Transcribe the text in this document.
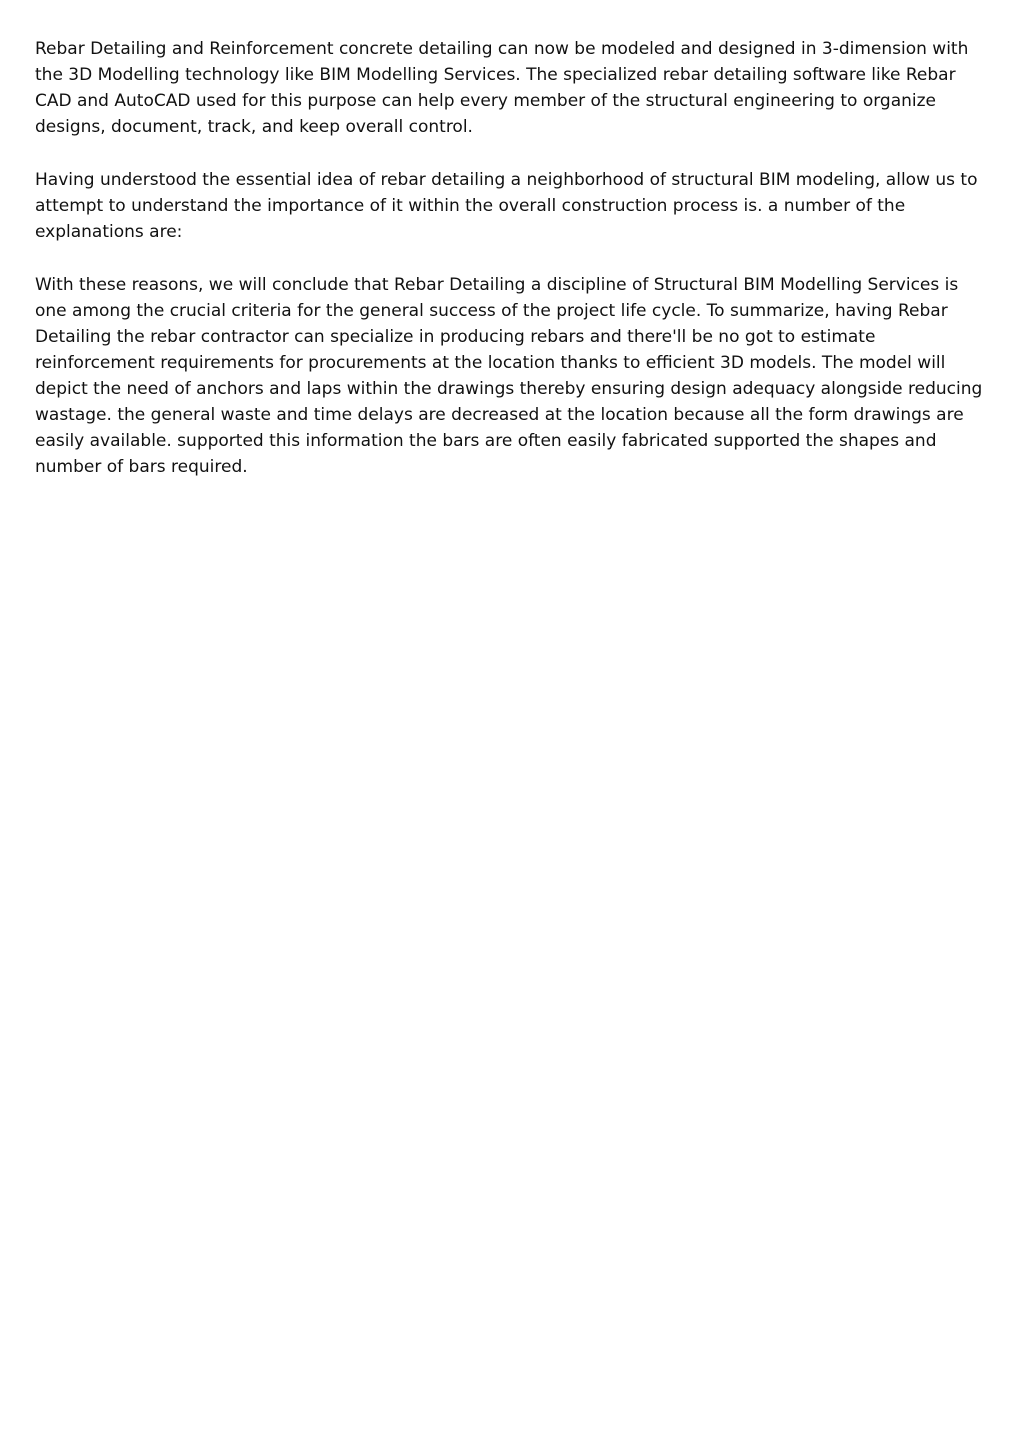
Rebar Detailing and Reinforcement concrete detailing can now be modeled and designed in 3-dimension with the 3D Modelling technology like BIM Modelling Services. The specialized rebar detailing software like Rebar CAD and AutoCAD used for this purpose can help every member of the structural engineering to organize designs, document, track, and keep overall control.

Having understood the essential idea of rebar detailing a neighborhood of structural BIM modeling, allow us to attempt to understand the importance of it within the overall construction process is. a number of the explanations are:

With these reasons, we will conclude that Rebar Detailing a discipline of Structural BIM Modelling Services is one among the crucial criteria for the general success of the project life cycle. To summarize, having Rebar Detailing the rebar contractor can specialize in producing rebars and there'll be no got to estimate reinforcement requirements for procurements at the location thanks to efficient 3D models. The model will depict the need of anchors and laps within the drawings thereby ensuring design adequacy alongside reducing wastage. the general waste and time delays are decreased at the location because all the form drawings are easily available. supported this information the bars are often easily fabricated supported the shapes and number of bars required.
